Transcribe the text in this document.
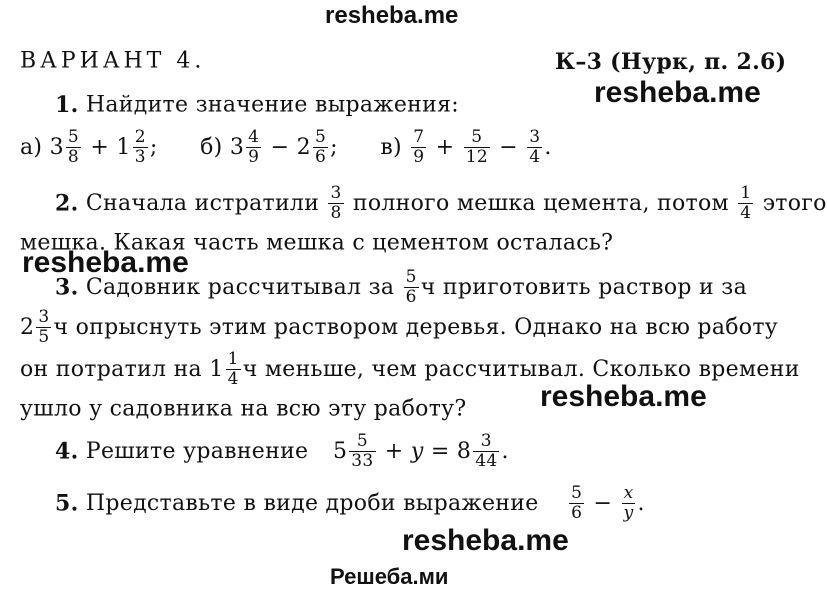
resheba.me
resheba.me
resheba.me
resheba.me
resheba.me
Решеба.ми
ВАРИАНТ 4.	К–3 (Нурк, п. 2.6)
1. Найдите значение выражения:
а) $3 \frac{5}{8} + 1 \frac{2}{3}$ ; б) $3 \frac{4}{9} - 2 \frac{5}{6}$ ; $в) \frac{7}{9} + \frac{5}{12} - \frac{3}{4}$ .
2. Сначала истратили $\frac{3}{8}$ полного мешка цемента, потом $\frac{1}{4}$ этого
мешка. Какая часть мешка с цементом осталась?
3. Садовник рассчитывал за $\frac{5}{6}$ ч приготовить раствор и за
$2 \frac{3}{5}$ ч опрыснуть этим раствором деревья. Однако на всю работу
он потратил на $1 \frac{1}{4}$ ч меньше, чем рассчитывал. Сколько времени
ушло у садовника на всю эту работу?
4. Решите уравнение $5 \frac{5}{33} + y = 8 \frac{3}{44}$ .
5. Представьте в виде дроби выражение $\frac{5}{6} - \frac{x}{y}$ .
